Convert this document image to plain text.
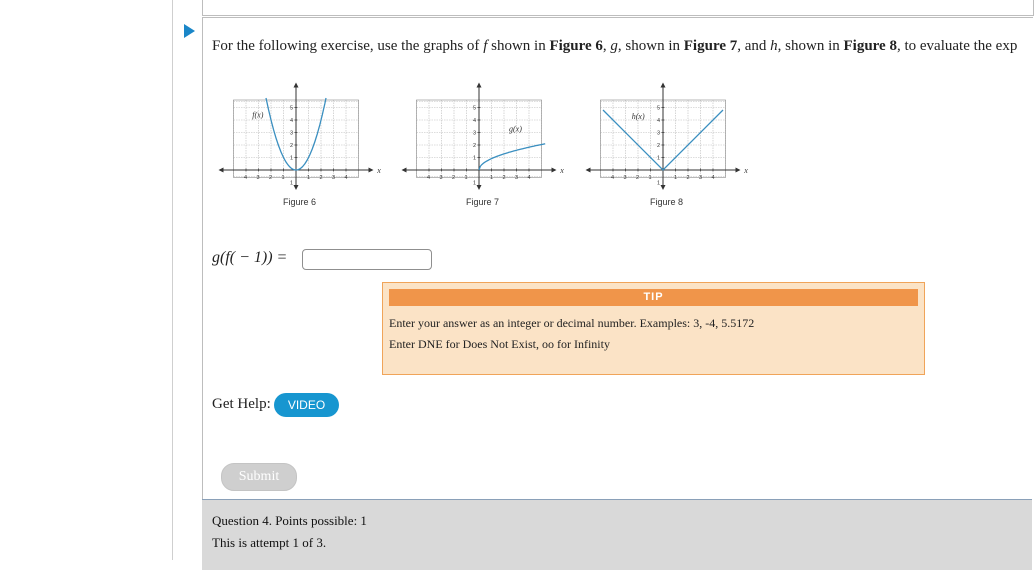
For the following exercise, use the graphs of f shown in Figure 6, g, shown in Figure 7, and h, shown in Figure 8, to evaluate the exp
x
4 3 2 1	1 2 3 4
5
4
3
2
1
1
f(x)
x
4 3 2 1	1 2 3 4
5
4
3
2
1
1
g(x)
x
4 3 2 1	1 2 3 4
5
4
3
2
1
1
h(x)
Figure 6	Figure 7	Figure 8
g(f( − 1)) =
TIP
Enter your answer as an integer or decimal number. Examples: 3, -4, 5.5172
Enter DNE for Does Not Exist, oo for Infinity
Get Help:	VIDEO
Submit
Question 4. Points possible: 1
This is attempt 1 of 3.
